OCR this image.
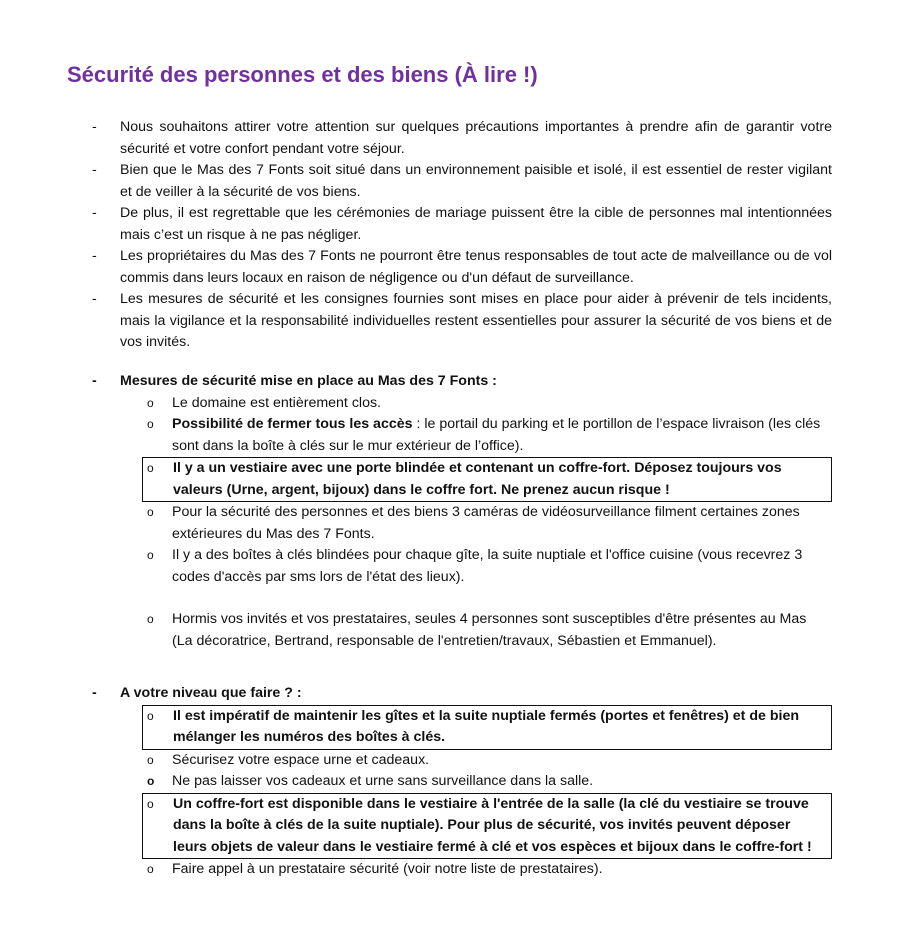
Sécurité des personnes et des biens (À lire !)
- Nous souhaitons attirer votre attention sur quelques précautions importantes à prendre afin de garantir votre sécurité et votre confort pendant votre séjour.
- Bien que le Mas des 7 Fonts soit situé dans un environnement paisible et isolé, il est essentiel de rester vigilant et de veiller à la sécurité de vos biens.
- De plus, il est regrettable que les cérémonies de mariage puissent être la cible de personnes mal intentionnées mais c’est un risque à ne pas négliger.
- Les propriétaires du Mas des 7 Fonts ne pourront être tenus responsables de tout acte de malveillance ou de vol commis dans leurs locaux en raison de négligence ou d'un défaut de surveillance.
- Les mesures de sécurité et les consignes fournies sont mises en place pour aider à prévenir de tels incidents, mais la vigilance et la responsabilité individuelles restent essentielles pour assurer la sécurité de vos biens et de vos invités.
- Mesures de sécurité mise en place au Mas des 7 Fonts :
o Le domaine est entièrement clos.
o Possibilité de fermer tous les accès : le portail du parking et le portillon de l’espace livraison (les clés sont dans la boîte à clés sur le mur extérieur de l’office).
o Il y a un vestiaire avec une porte blindée et contenant un coffre-fort. Déposez toujours vos valeurs (Urne, argent, bijoux) dans le coffre fort. Ne prenez aucun risque !
o Pour la sécurité des personnes et des biens 3 caméras de vidéosurveillance filment certaines zones extérieures du Mas des 7 Fonts.
o Il y a des boîtes à clés blindées pour chaque gîte, la suite nuptiale et l'office cuisine (vous recevrez 3 codes d'accès par sms lors de l'état des lieux).
o Hormis vos invités et vos prestataires, seules 4 personnes sont susceptibles d'être présentes au Mas (La décoratrice, Bertrand, responsable de l'entretien/travaux, Sébastien et Emmanuel).
- A votre niveau que faire ? :
o Il est impératif de maintenir les gîtes et la suite nuptiale fermés (portes et fenêtres) et de bien mélanger les numéros des boîtes à clés.
o Sécurisez votre espace urne et cadeaux.
o Ne pas laisser vos cadeaux et urne sans surveillance dans la salle.
o Un coffre-fort est disponible dans le vestiaire à l'entrée de la salle (la clé du vestiaire se trouve dans la boîte à clés de la suite nuptiale). Pour plus de sécurité, vos invités peuvent déposer leurs objets de valeur dans le vestiaire fermé à clé et vos espèces et bijoux dans le coffre-fort !
o Faire appel à un prestataire sécurité (voir notre liste de prestataires).
